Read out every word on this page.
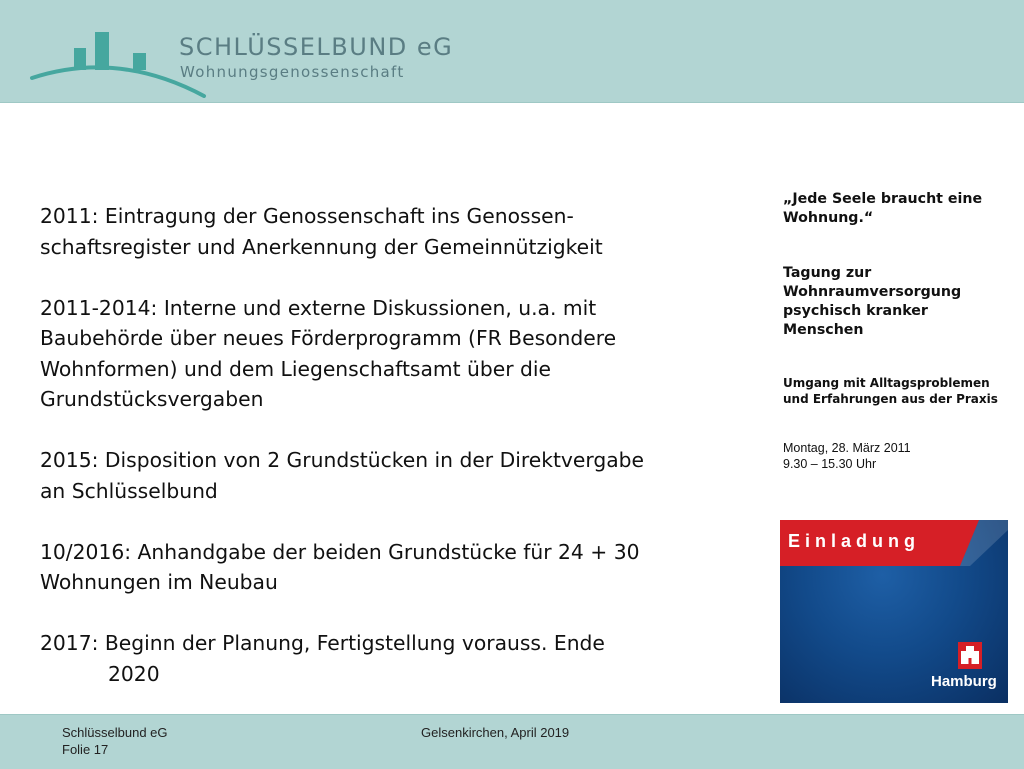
SCHLÜSSELBUND eG
Wohnungsgenossenschaft
2011: Eintragung der Genossenschaft ins Genossen-
schaftsregister und Anerkennung der Gemeinnützigkeit
2011-2014: Interne und externe Diskussionen, u.a. mit
Baubehörde über neues Förderprogramm (FR Besondere
Wohnformen) und dem Liegenschaftsamt über die
Grundstücksvergaben
2015: Disposition von 2 Grundstücken in der Direktvergabe
an Schlüsselbund
10/2016: Anhandgabe der beiden Grundstücke für 24 + 30
Wohnungen im Neubau
2017: Beginn der Planung, Fertigstellung vorauss. Ende
2020
„Jede Seele braucht eine
Wohnung.“
Tagung zur
Wohnraumversorgung
psychisch kranker
Menschen
Umgang mit Alltagsproblemen
und Erfahrungen aus der Praxis
Montag, 28. März 2011
9.30 – 15.30 Uhr
Einladung
Hamburg
Schlüsselbund eG
Folie 17
Gelsenkirchen, April 2019
